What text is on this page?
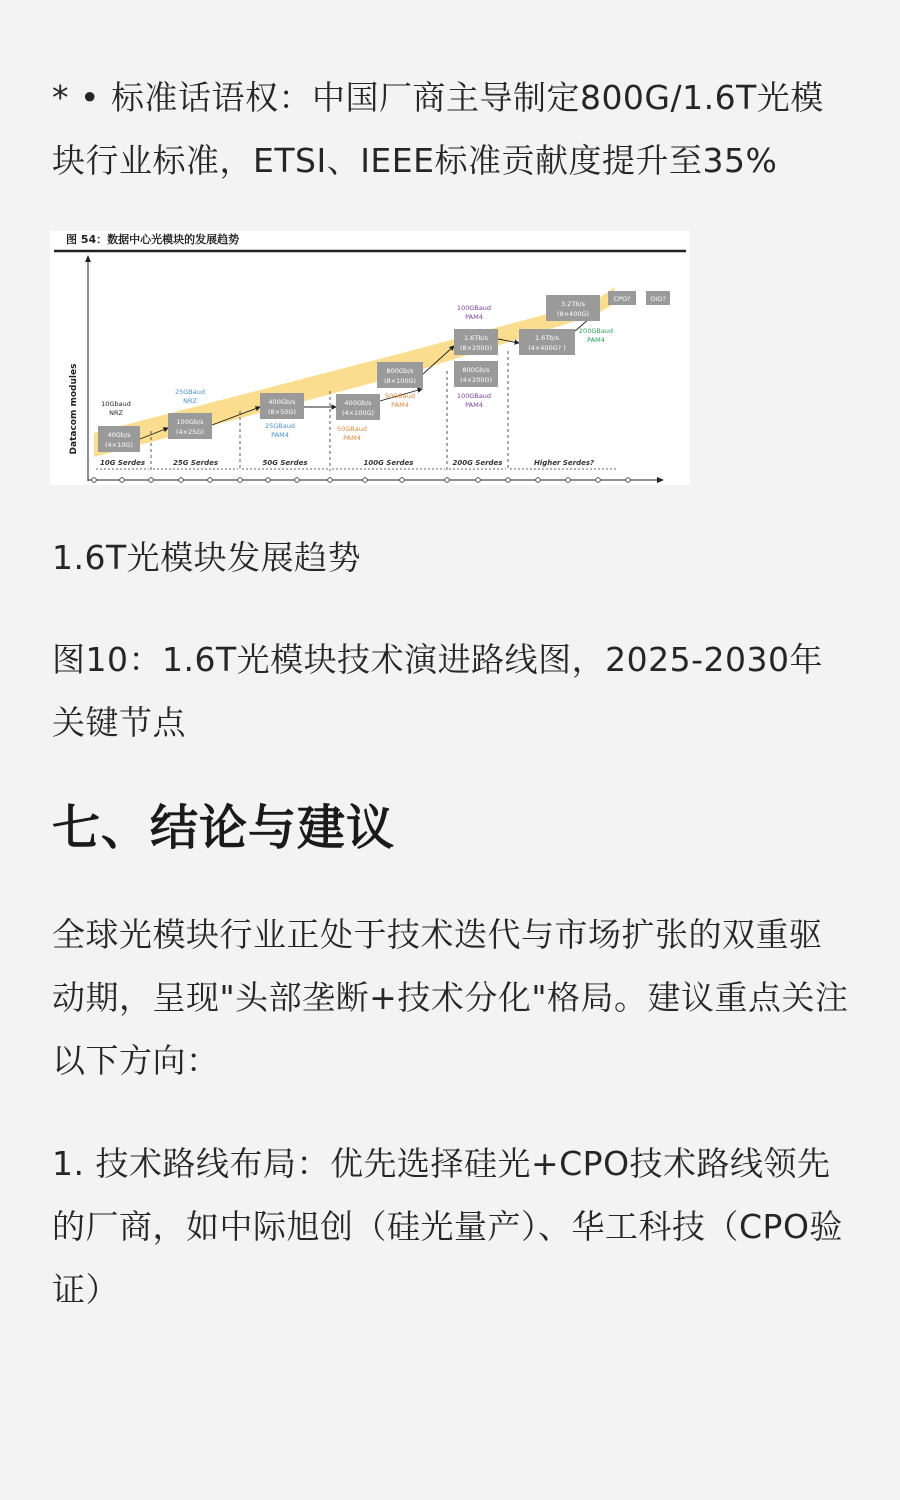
* • 标准话语权：中国厂商主导制定800G/1.6T光模块行业标准，ETSI、IEEE标准贡献度提升至35%
图 54：数据中心光模块的发展趋势
Datacom modules
10G Serdes	25G Serdes	50G Serdes	100G Serdes	200G Serdes	Higher Serdes?
40Gb/s
(4×10G)
100Gb/s
(4×25G)
400Gb/s
(8×50G)
400Gb/s
(4×100G)
800Gb/s
(8×100G)
1.6Tb/s
(8×200G)
800Gb/s
(4×200G)
1.6Tb/s
(4×400G? )
3.2Tb/s
(8×400G)
CPO?	OIO?
10Gbaud
NRZ
25GBaud
NRZ
25GBaud
PAM4
50GBaud
PAM4
50GBaud
PAM4
100GBaud
PAM4
100GBaud
PAM4
200GBaud
PAM4
1.6T光模块发展趋势
图10：1.6T光模块技术演进路线图，2025-2030年关键节点
七、结论与建议
全球光模块行业正处于技术迭代与市场扩张的双重驱动期，呈现"头部垄断+技术分化"格局。建议重点关注以下方向：
1. 技术路线布局：优先选择硅光+CPO技术路线领先的厂商，如中际旭创（硅光量产）、华工科技（CPO验证）
